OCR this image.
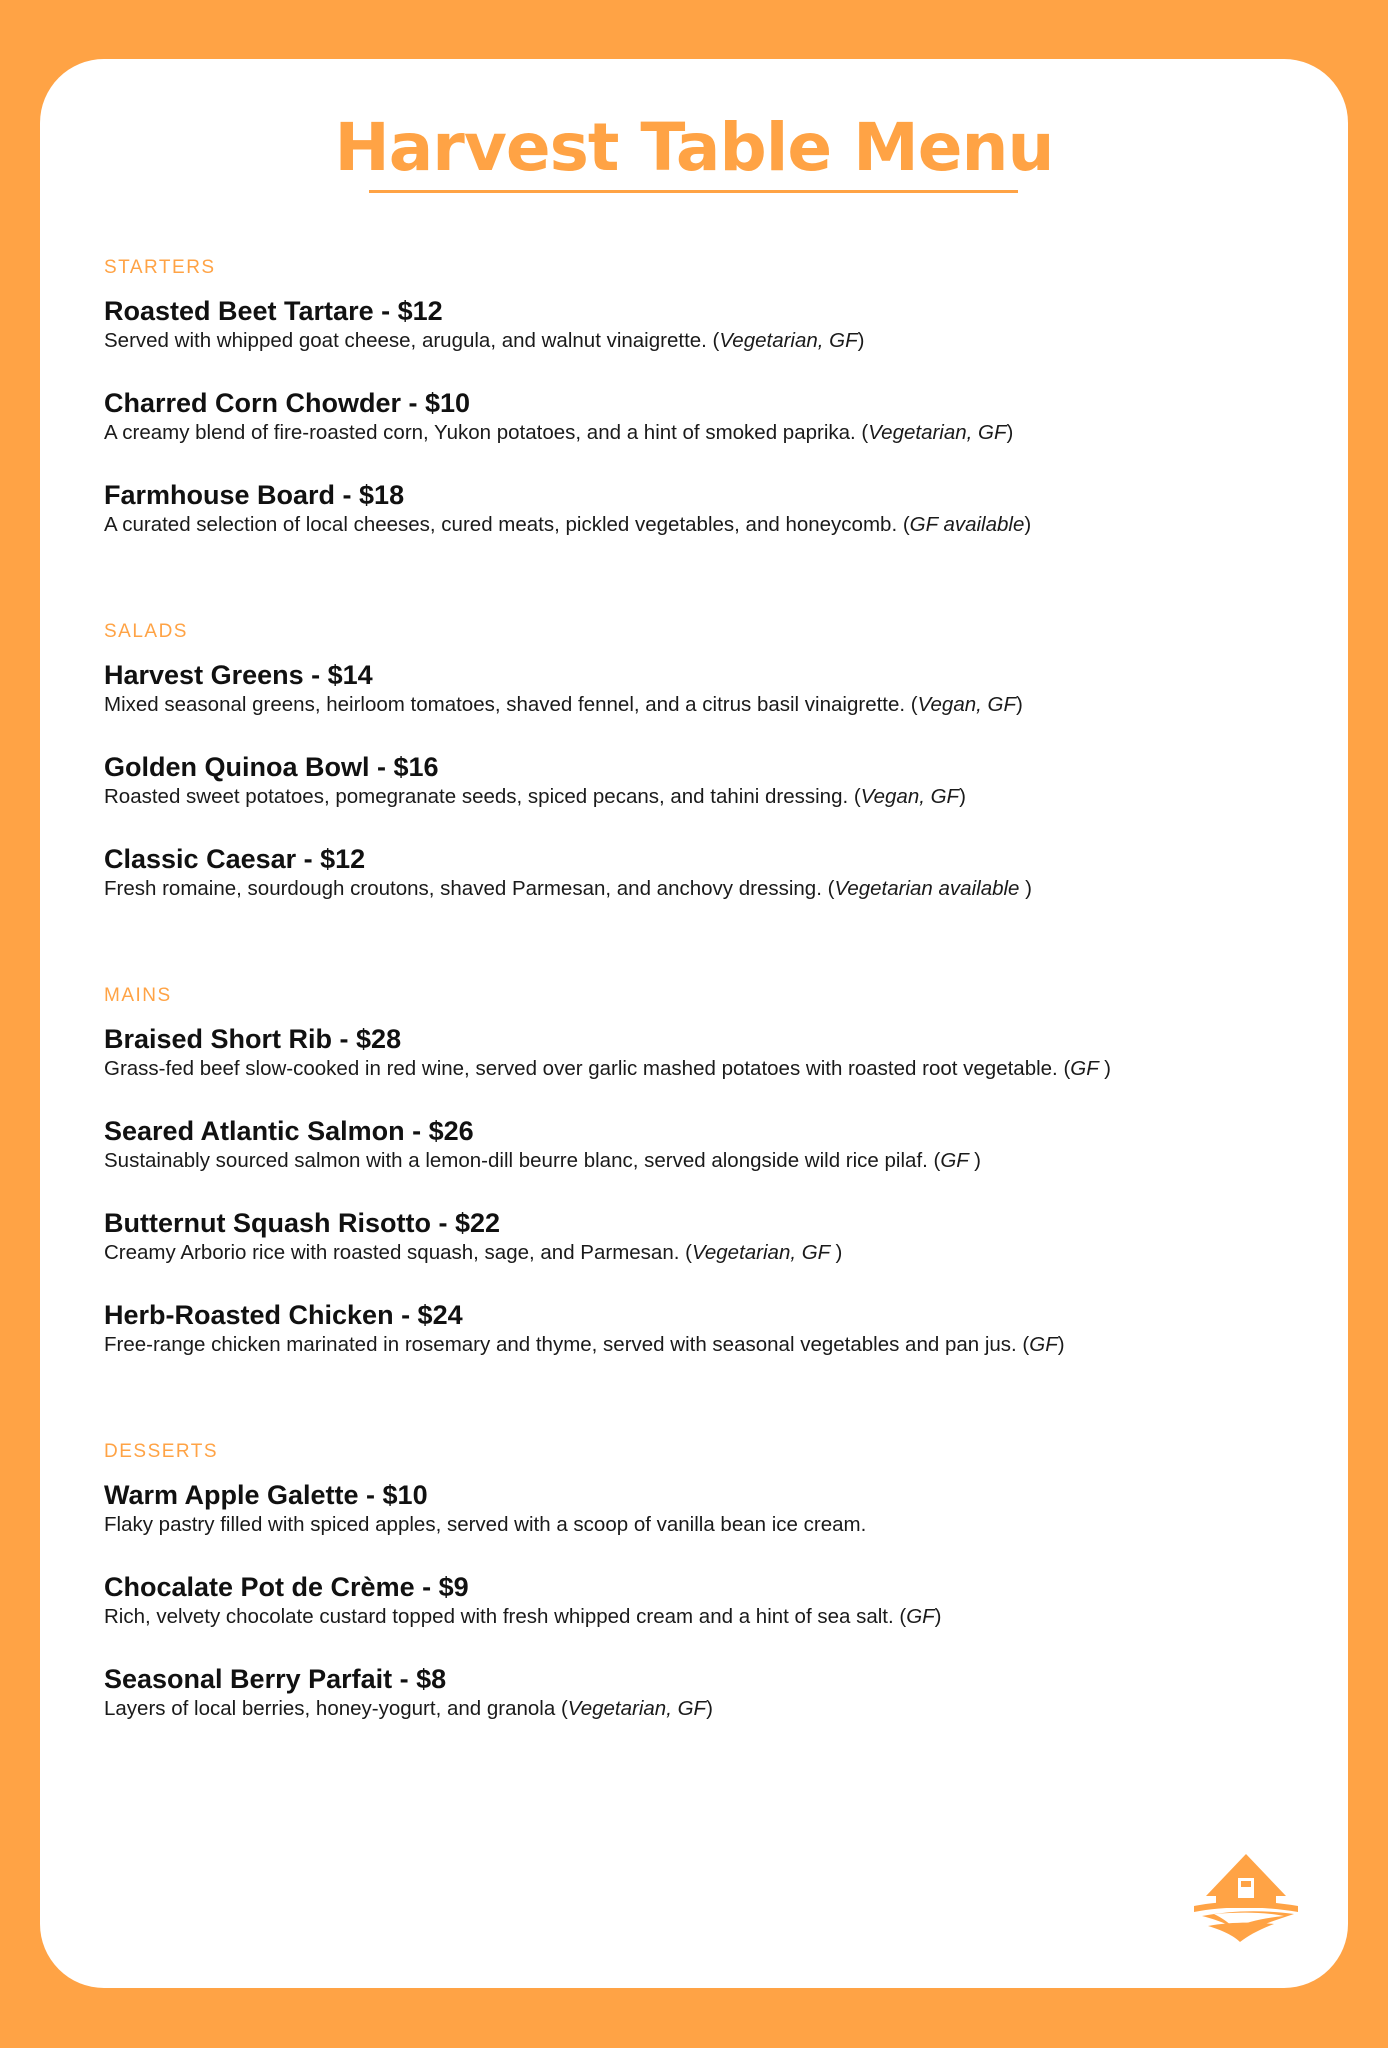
Harvest Table Menu
STARTERS
Roasted Beet Tartare - $12
Served with whipped goat cheese, arugula, and walnut vinaigrette. (Vegetarian, GF)
Charred Corn Chowder - $10
A creamy blend of fire-roasted corn, Yukon potatoes, and a hint of smoked paprika. (Vegetarian, GF)
Farmhouse Board - $18
A curated selection of local cheeses, cured meats, pickled vegetables, and honeycomb. (GF available)
SALADS
Harvest Greens - $14
Mixed seasonal greens, heirloom tomatoes, shaved fennel, and a citrus basil vinaigrette. (Vegan, GF)
Golden Quinoa Bowl - $16
Roasted sweet potatoes, pomegranate seeds, spiced pecans, and tahini dressing. (Vegan, GF)
Classic Caesar - $12
Fresh romaine, sourdough croutons, shaved Parmesan, and anchovy dressing. (Vegetarian available )
MAINS
Braised Short Rib - $28
Grass-fed beef slow-cooked in red wine, served over garlic mashed potatoes with roasted root vegetable. (GF )
Seared Atlantic Salmon - $26
Sustainably sourced salmon with a lemon-dill beurre blanc, served alongside wild rice pilaf. (GF )
Butternut Squash Risotto - $22
Creamy Arborio rice with roasted squash, sage, and Parmesan. (Vegetarian, GF )
Herb-Roasted Chicken - $24
Free-range chicken marinated in rosemary and thyme, served with seasonal vegetables and pan jus. (GF)
DESSERTS
Warm Apple Galette - $10
Flaky pastry filled with spiced apples, served with a scoop of vanilla bean ice cream.
Chocalate Pot de Crème - $9
Rich, velvety chocolate custard topped with fresh whipped cream and a hint of sea salt. (GF)
Seasonal Berry Parfait - $8
Layers of local berries, honey-yogurt, and granola (Vegetarian, GF)
